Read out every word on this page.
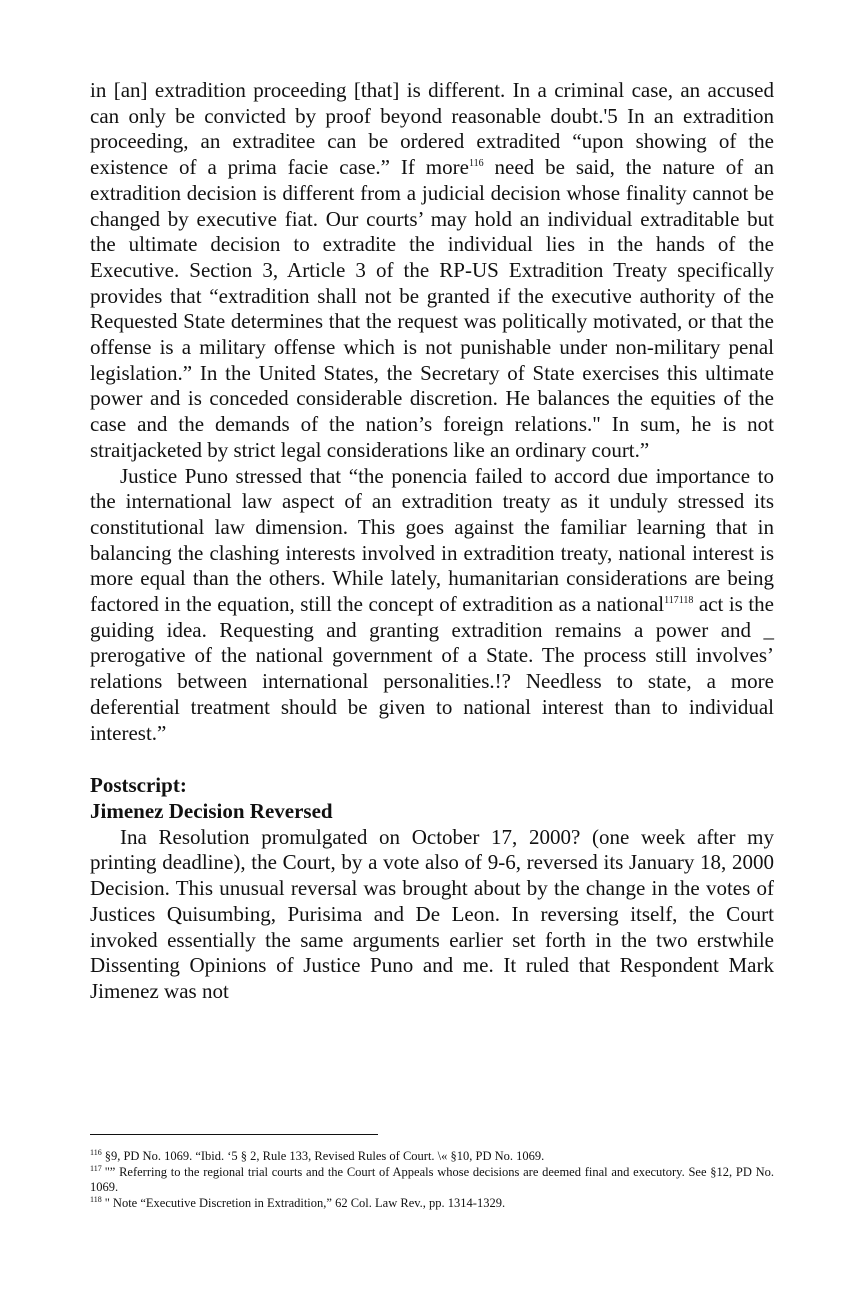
in [an] extradition proceeding [that] is different. In a criminal case, an accused can only be convicted by proof beyond reasonable doubt.'5 In an extradition proceeding, an extraditee can be ordered extradited “upon showing of the existence of a prima facie case.” If more$^{116}$ need be said, the nature of an extradition decision is different from a judicial decision whose finality cannot be changed by executive fiat. Our courts’ may hold an individual extraditable but the ultimate decision to extradite the individual lies in the hands of the Executive. Section 3, Article 3 of the RP-US Extradition Treaty specifically provides that “extradition shall not be granted if the executive authority of the Requested State determines that the request was politically motivated, or that the offense is a military offense which is not punishable under non-military penal legislation.” In the United States, the Secretary of State exercises this ultimate power and is conceded considerable discretion. He balances the equities of the case and the demands of the nation’s foreign relations." In sum, he is not straitjacketed by strict legal considerations like an ordinary court.”

Justice Puno stressed that “the ponencia failed to accord due importance to the international law aspect of an extradition treaty as it unduly stressed its constitutional law dimension. This goes against the familiar learning that in balancing the clashing interests involved in extradition treaty, national interest is more equal than the others. While lately, humanitarian considerations are being factored in the equation, still the concept of extradition as a national$^{117118}$ act is the guiding idea. Requesting and granting extradition remains a power and _ prerogative of the national government of a State. The process still involves’ relations between international personalities.!? Needless to state, a more deferential treatment should be given to national interest than to individual interest.”

Postscript:

Jimenez Decision Reversed

Ina Resolution promulgated on October 17, 2000? (one week after my printing deadline), the Court, by a vote also of 9-6, reversed its January 18, 2000 Decision. This unusual reversal was brought about by the change in the votes of Justices Quisumbing, Purisima and De Leon. In reversing itself, the Court invoked essentially the same arguments earlier set forth in the two erstwhile Dissenting Opinions of Justice Puno and me. It ruled that Respondent Mark Jimenez was not

$^{116}$ §9, PD No. 1069. “Ibid. ‘5 § 2, Rule 133, Revised Rules of Court. \« §10, PD No. 1069.

$^{117}$ "” Referring to the regional trial courts and the Court of Appeals whose decisions are deemed final and executory. See §12, PD No. 1069.

$^{118}$ " Note “Executive Discretion in Extradition,” 62 Col. Law Rev., pp. 1314-1329.
